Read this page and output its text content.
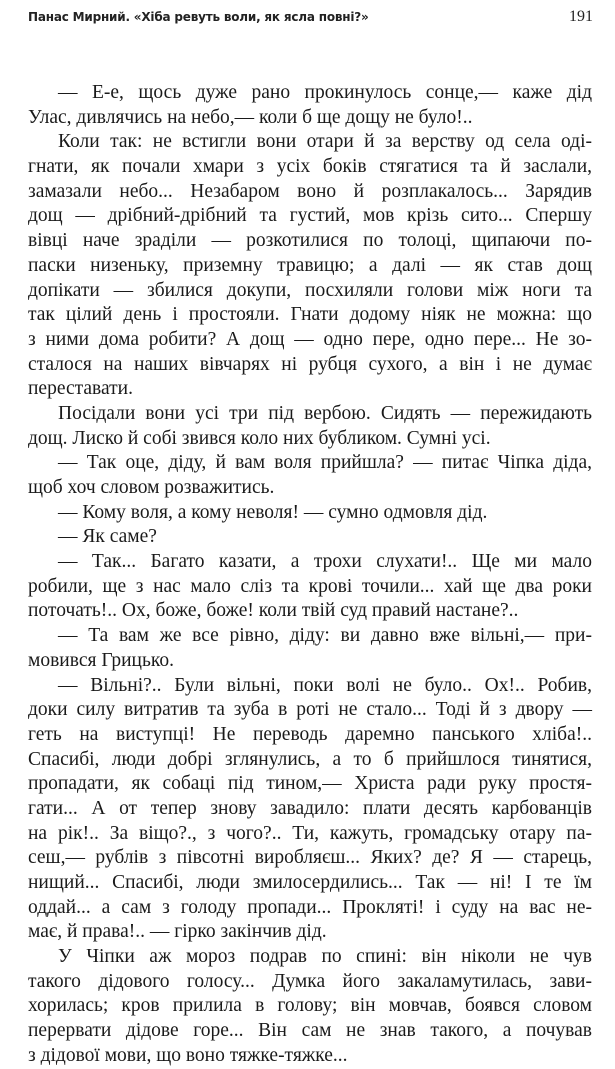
Панас Мирний. «Хіба ревуть воли, як ясла повні?»	191
— Е-е, щось дуже рано прокинулось сонце,— каже дід
Улас, дивлячись на небо,— коли б ще дощу не було!..
Коли так: не встигли вони отари й за верству од села оді-
гнати, як почали хмари з усіх боків стягатися та й заслали,
замазали небо... Незабаром воно й розплакалось... Зарядив
дощ — дрібний-дрібний та густий, мов крізь сито... Спершу
вівці наче зраділи — розкотилися по толоці, щипаючи по-
паски низеньку, приземну травицю; а далі — як став дощ
допікати — збилися докупи, посхиляли голови між ноги та
так цілий день і простояли. Гнати додому ніяк не можна: що
з ними дома робити? А дощ — одно пере, одно пере... Не зо-
сталося на наших вівчарях ні рубця сухого, а він і не думає
переставати.
Посідали вони усі три під вербою. Сидять — пережидають
дощ. Лиско й собі звився коло них бубликом. Сумні усі.
— Так оце, діду, й вам воля прийшла? — питає Чіпка діда,
щоб хоч словом розважитись.
— Кому воля, а кому неволя! — сумно одмовля дід.
— Як саме?
— Так... Багато казати, а трохи слухати!.. Ще ми мало
робили, ще з нас мало сліз та крові точили... хай ще два роки
поточать!.. Ох, боже, боже! коли твій суд правий настане?..
— Та вам же все рівно, діду: ви давно вже вільні,— при-
мовився Грицько.
— Вільні?.. Були вільні, поки волі не було.. Ох!.. Робив,
доки силу витратив та зуба в роті не стало... Тоді й з двору —
геть на виступці! Не переводь даремно панського хліба!..
Спасибі, люди добрі зглянулись, а то б прийшлося тинятися,
пропадати, як собаці під тином,— Христа ради руку простя-
гати... А от тепер знову завадило: плати десять карбованців
на рік!.. За віщо?., з чого?.. Ти, кажуть, громадську отару па-
сеш,— рублів з півсотні виробляєш... Яких? де? Я — старець,
нищий... Спасибі, люди змилосердились... Так — ні! І те їм
оддай... а сам з голоду пропади... Прокляті! і суду на вас не-
має, й права!.. — гірко закінчив дід.
У Чіпки аж мороз подрав по спині: він ніколи не чув
такого дідового голосу... Думка його закаламутилась, зави-
хорилась; кров прилила в голову; він мовчав, боявся словом
перервати дідове горе... Він сам не знав такого, а почував
з дідової мови, що воно тяжке-тяжке...
